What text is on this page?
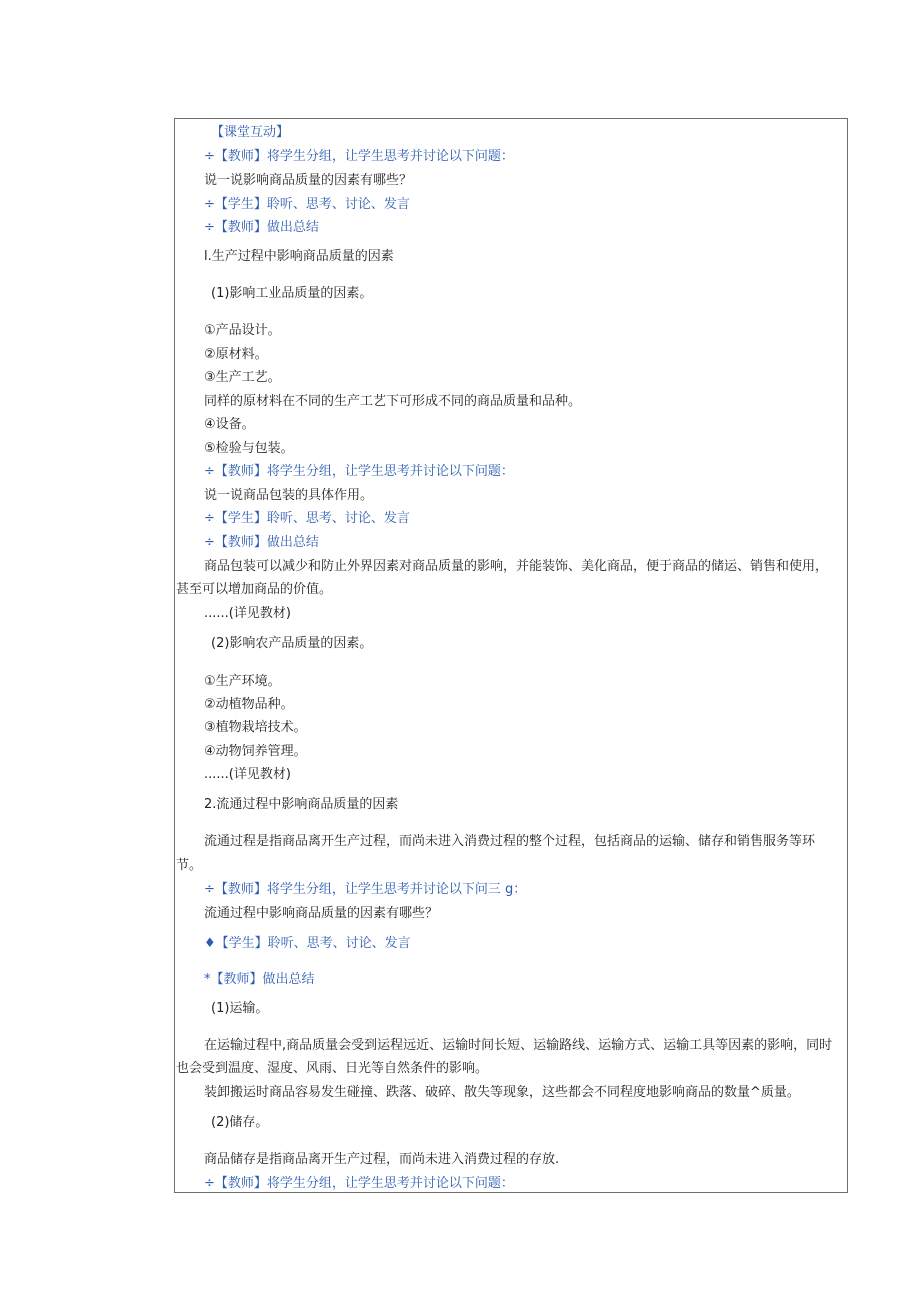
【课堂互动】
÷【教师】将学生分组，让学生思考并讨论以下问题：
说一说影响商品质量的因素有哪些？
÷【学生】聆听、思考、讨论、发言
÷【教师】做出总结
l.生产过程中影响商品质量的因素
(1)影响工业品质量的因素。
①产品设计。
②原材料。
③生产工艺。
同样的原材料在不同的生产工艺下可形成不同的商品质量和品种。
④设备。
⑤检验与包装。
÷【教师】将学生分组，让学生思考并讨论以下问题：
说一说商品包装的具体作用。
÷【学生】聆听、思考、讨论、发言
÷【教师】做出总结
商品包装可以减少和防止外界因素对商品质量的影响，并能装饰、美化商品，便于商品的储运、销售和使用，
甚至可以增加商品的价值。
......(详见教材)
(2)影响农产品质量的因素。
①生产环境。
②动植物品种。
③植物栽培技术。
④动物饲养管理。
......(详见教材)
2.流通过程中影响商品质量的因素
流通过程是指商品离开生产过程，而尚未进入消费过程的整个过程，包括商品的运输、储存和销售服务等环
节。
÷【教师】将学生分组，让学生思考并讨论以下问三 g：
流通过程中影响商品质量的因素有哪些？
♦【学生】聆听、思考、讨论、发言
*【教师】做出总结
(1)运输。
在运输过程中,商品质量会受到运程远近、运输时间长短、运输路线、运输方式、运输工具等因素的影响，同时
也会受到温度、湿度、风雨、日光等自然条件的影响。
装卸搬运时商品容易发生碰撞、跌落、破碎、散失等现象，这些都会不同程度地影响商品的数量^质量。
(2)储存。
商品储存是指商品离开生产过程，而尚未进入消费过程的存放.
÷【教师】将学生分组，让学生思考并讨论以下问题：
